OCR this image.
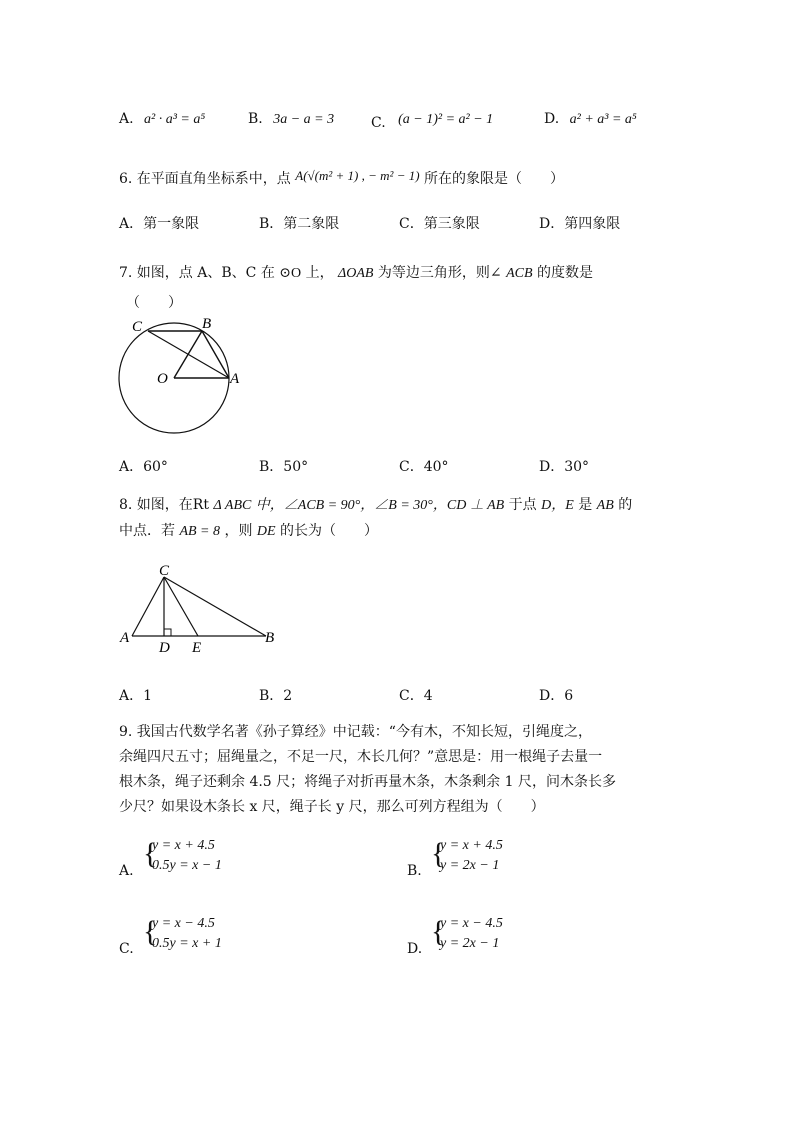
A. a² · a³ = a⁵	B. 3a − a = 3	C. (a − 1)² = a² − 1	D. a² + a³ = a⁵
6. 在平面直角坐标系中，点 A(√(m² + 1) , − m² − 1) 所在的象限是（　　）
A．第一象限	B．第二象限	C．第三象限	D．第四象限
7. 如图，点 A、B、C 在 ⊙O 上， ΔOAB 为等边三角形，则∠ ACB 的度数是
（　　）
C	B
O	A
A．60°	B．50°	C．40°	D．30°
8. 如图，在Rt Δ ABC 中，∠ACB = 90°，∠B = 30°，CD ⊥ AB 于点 D，E 是 AB 的
中点．若 AB = 8 ，则 DE 的长为（　　）
C
A
D E
B
A．1	B．2	C．4	D．6
9. 我国古代数学名著《孙子算经》中记载：“今有木，不知长短，引绳度之，
余绳四尺五寸；屈绳量之，不足一尺，木长几何？”意思是：用一根绳子去量一
根木条，绳子还剩余 4.5 尺；将绳子对折再量木条，木条剩余 1 尺，问木条长多
少尺？如果设木条长 x 尺，绳子长 y 尺，那么可列方程组为（　　）
A.
{
y = x + 4.5
0.5y = x − 1	B.
{
y = x + 4.5
y = 2x − 1
C.
{
y = x − 4.5
0.5y = x + 1	D.
{
y = x − 4.5
y = 2x − 1
